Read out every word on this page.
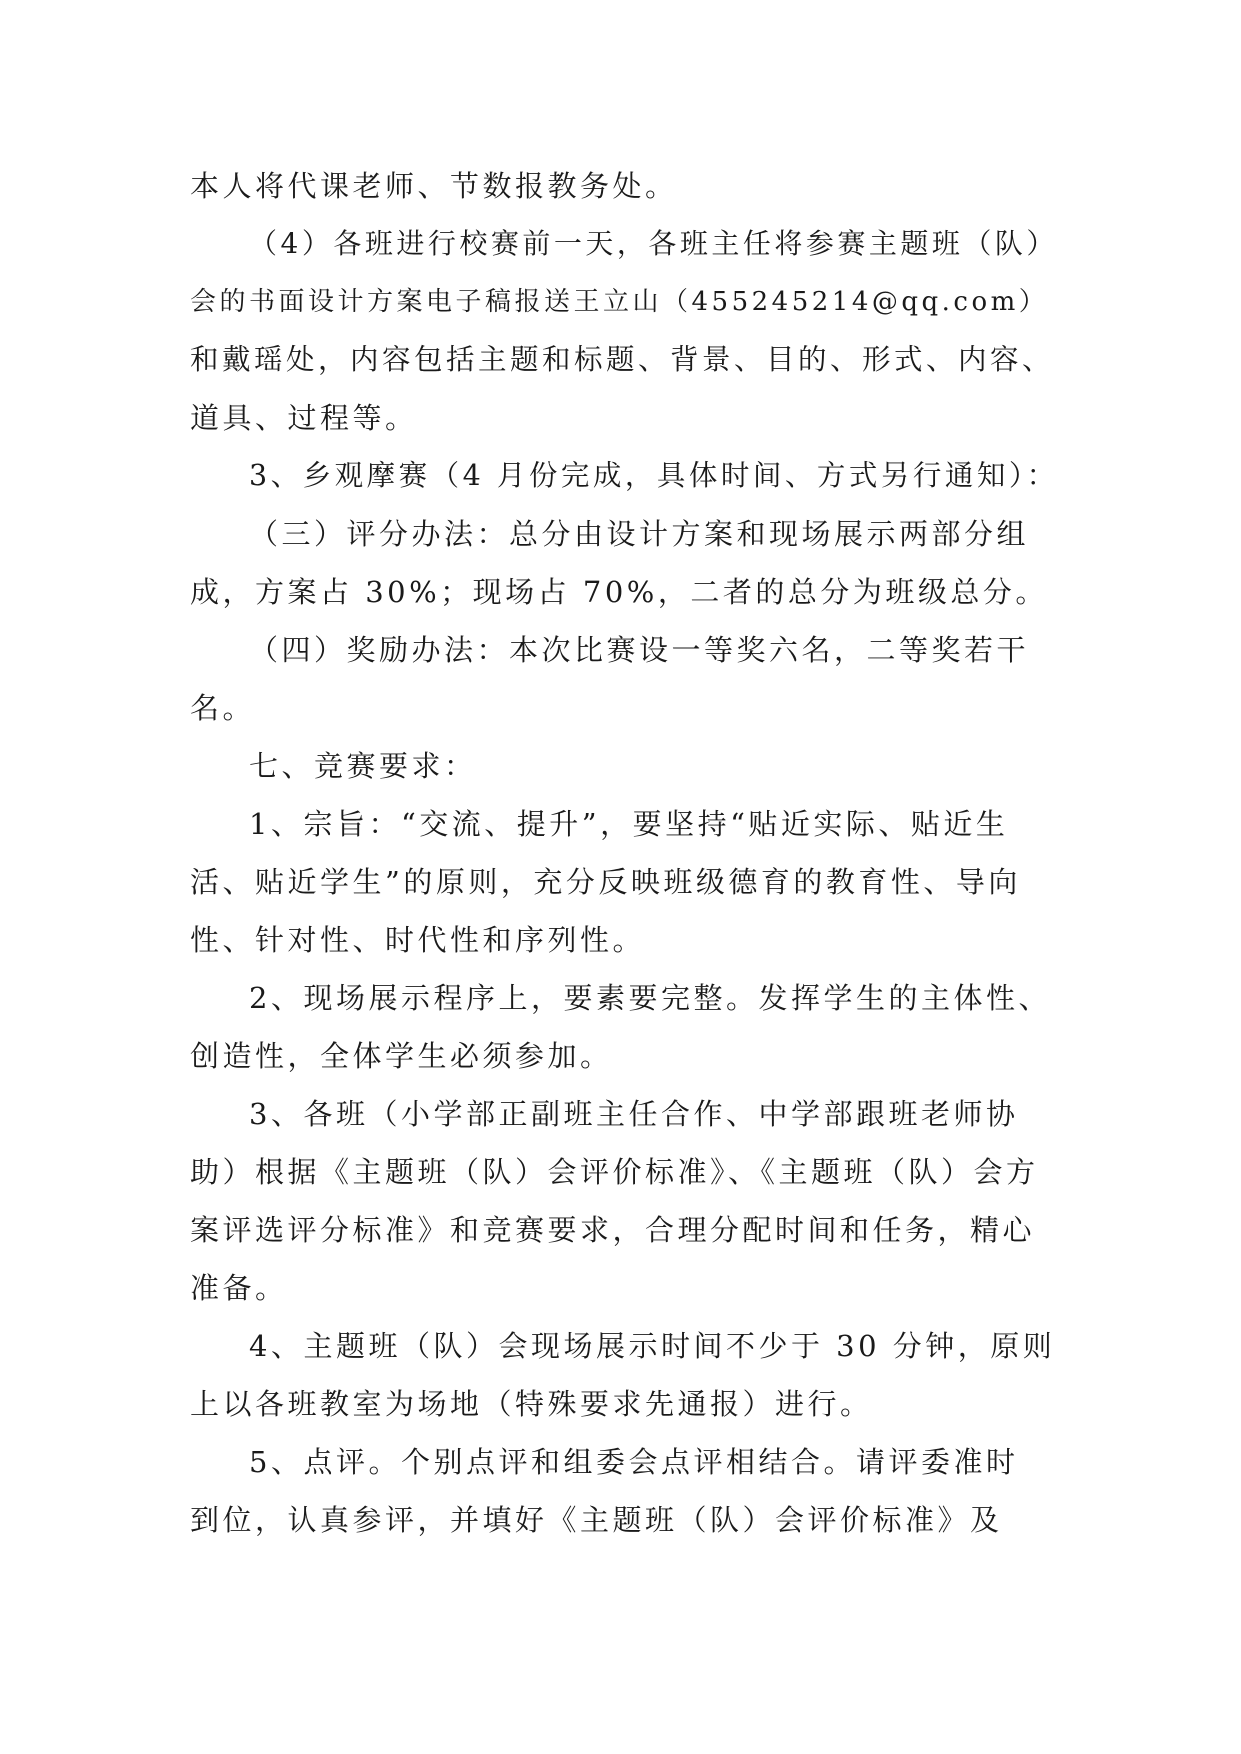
本人将代课老师、节数报教务处。

（4）各班进行校赛前一天，各班主任将参赛主题班（队）

会的书面设计方案电子稿报送王立山（455245214@qq.com）

和戴瑶处，内容包括主题和标题、背景、目的、形式、内容、

道具、过程等。

3、乡观摩赛（4 月份完成，具体时间、方式另行通知）：

（三）评分办法：总分由设计方案和现场展示两部分组

成，方案占 30%；现场占 70%，二者的总分为班级总分。

（四）奖励办法：本次比赛设一等奖六名，二等奖若干

名。

七、竞赛要求：

1、宗旨：“交流、提升”，要坚持“贴近实际、贴近生

活、贴近学生”的原则，充分反映班级德育的教育性、导向

性、针对性、时代性和序列性。

2、现场展示程序上，要素要完整。发挥学生的主体性、

创造性，全体学生必须参加。

3、各班（小学部正副班主任合作、中学部跟班老师协

助）根据《主题班（队）会评价标准》、《主题班（队）会方

案评选评分标准》和竞赛要求，合理分配时间和任务，精心

准备。

4、主题班（队）会现场展示时间不少于 30 分钟，原则

上以各班教室为场地（特殊要求先通报）进行。

5、点评。个别点评和组委会点评相结合。请评委准时

到位，认真参评，并填好《主题班（队）会评价标准》及
